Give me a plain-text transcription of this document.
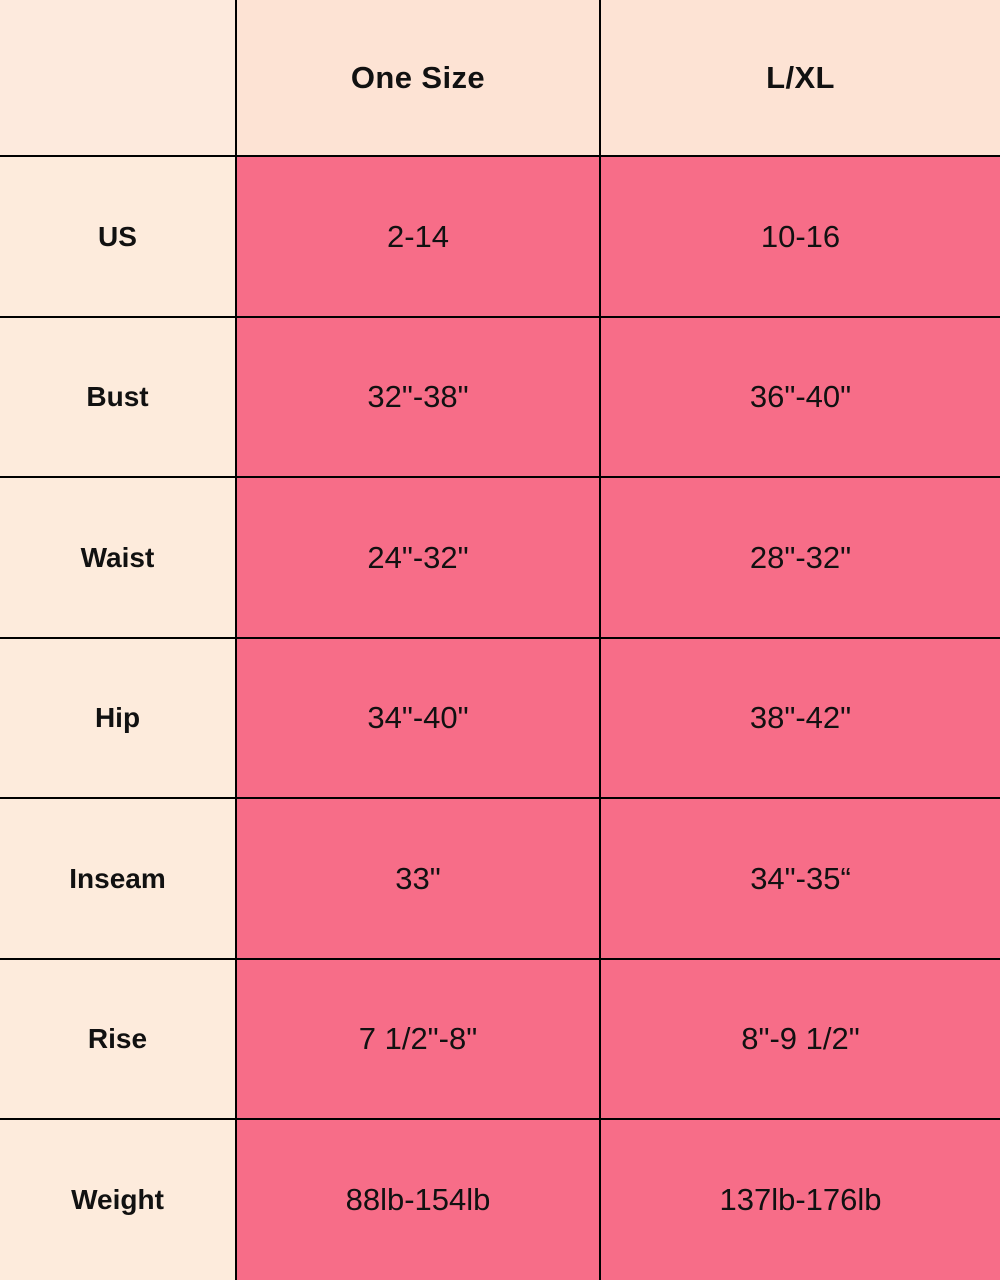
	One Size	L/XL
US	2-14	10-16
Bust	32"-38"	36"-40"
Waist	24"-32"	28"-32"
Hip	34"-40"	38"-42"
Inseam	33"	34"-35“
Rise	7 1/2"-8"	8"-9 1/2"
Weight	88lb-154lb	137lb-176lb
